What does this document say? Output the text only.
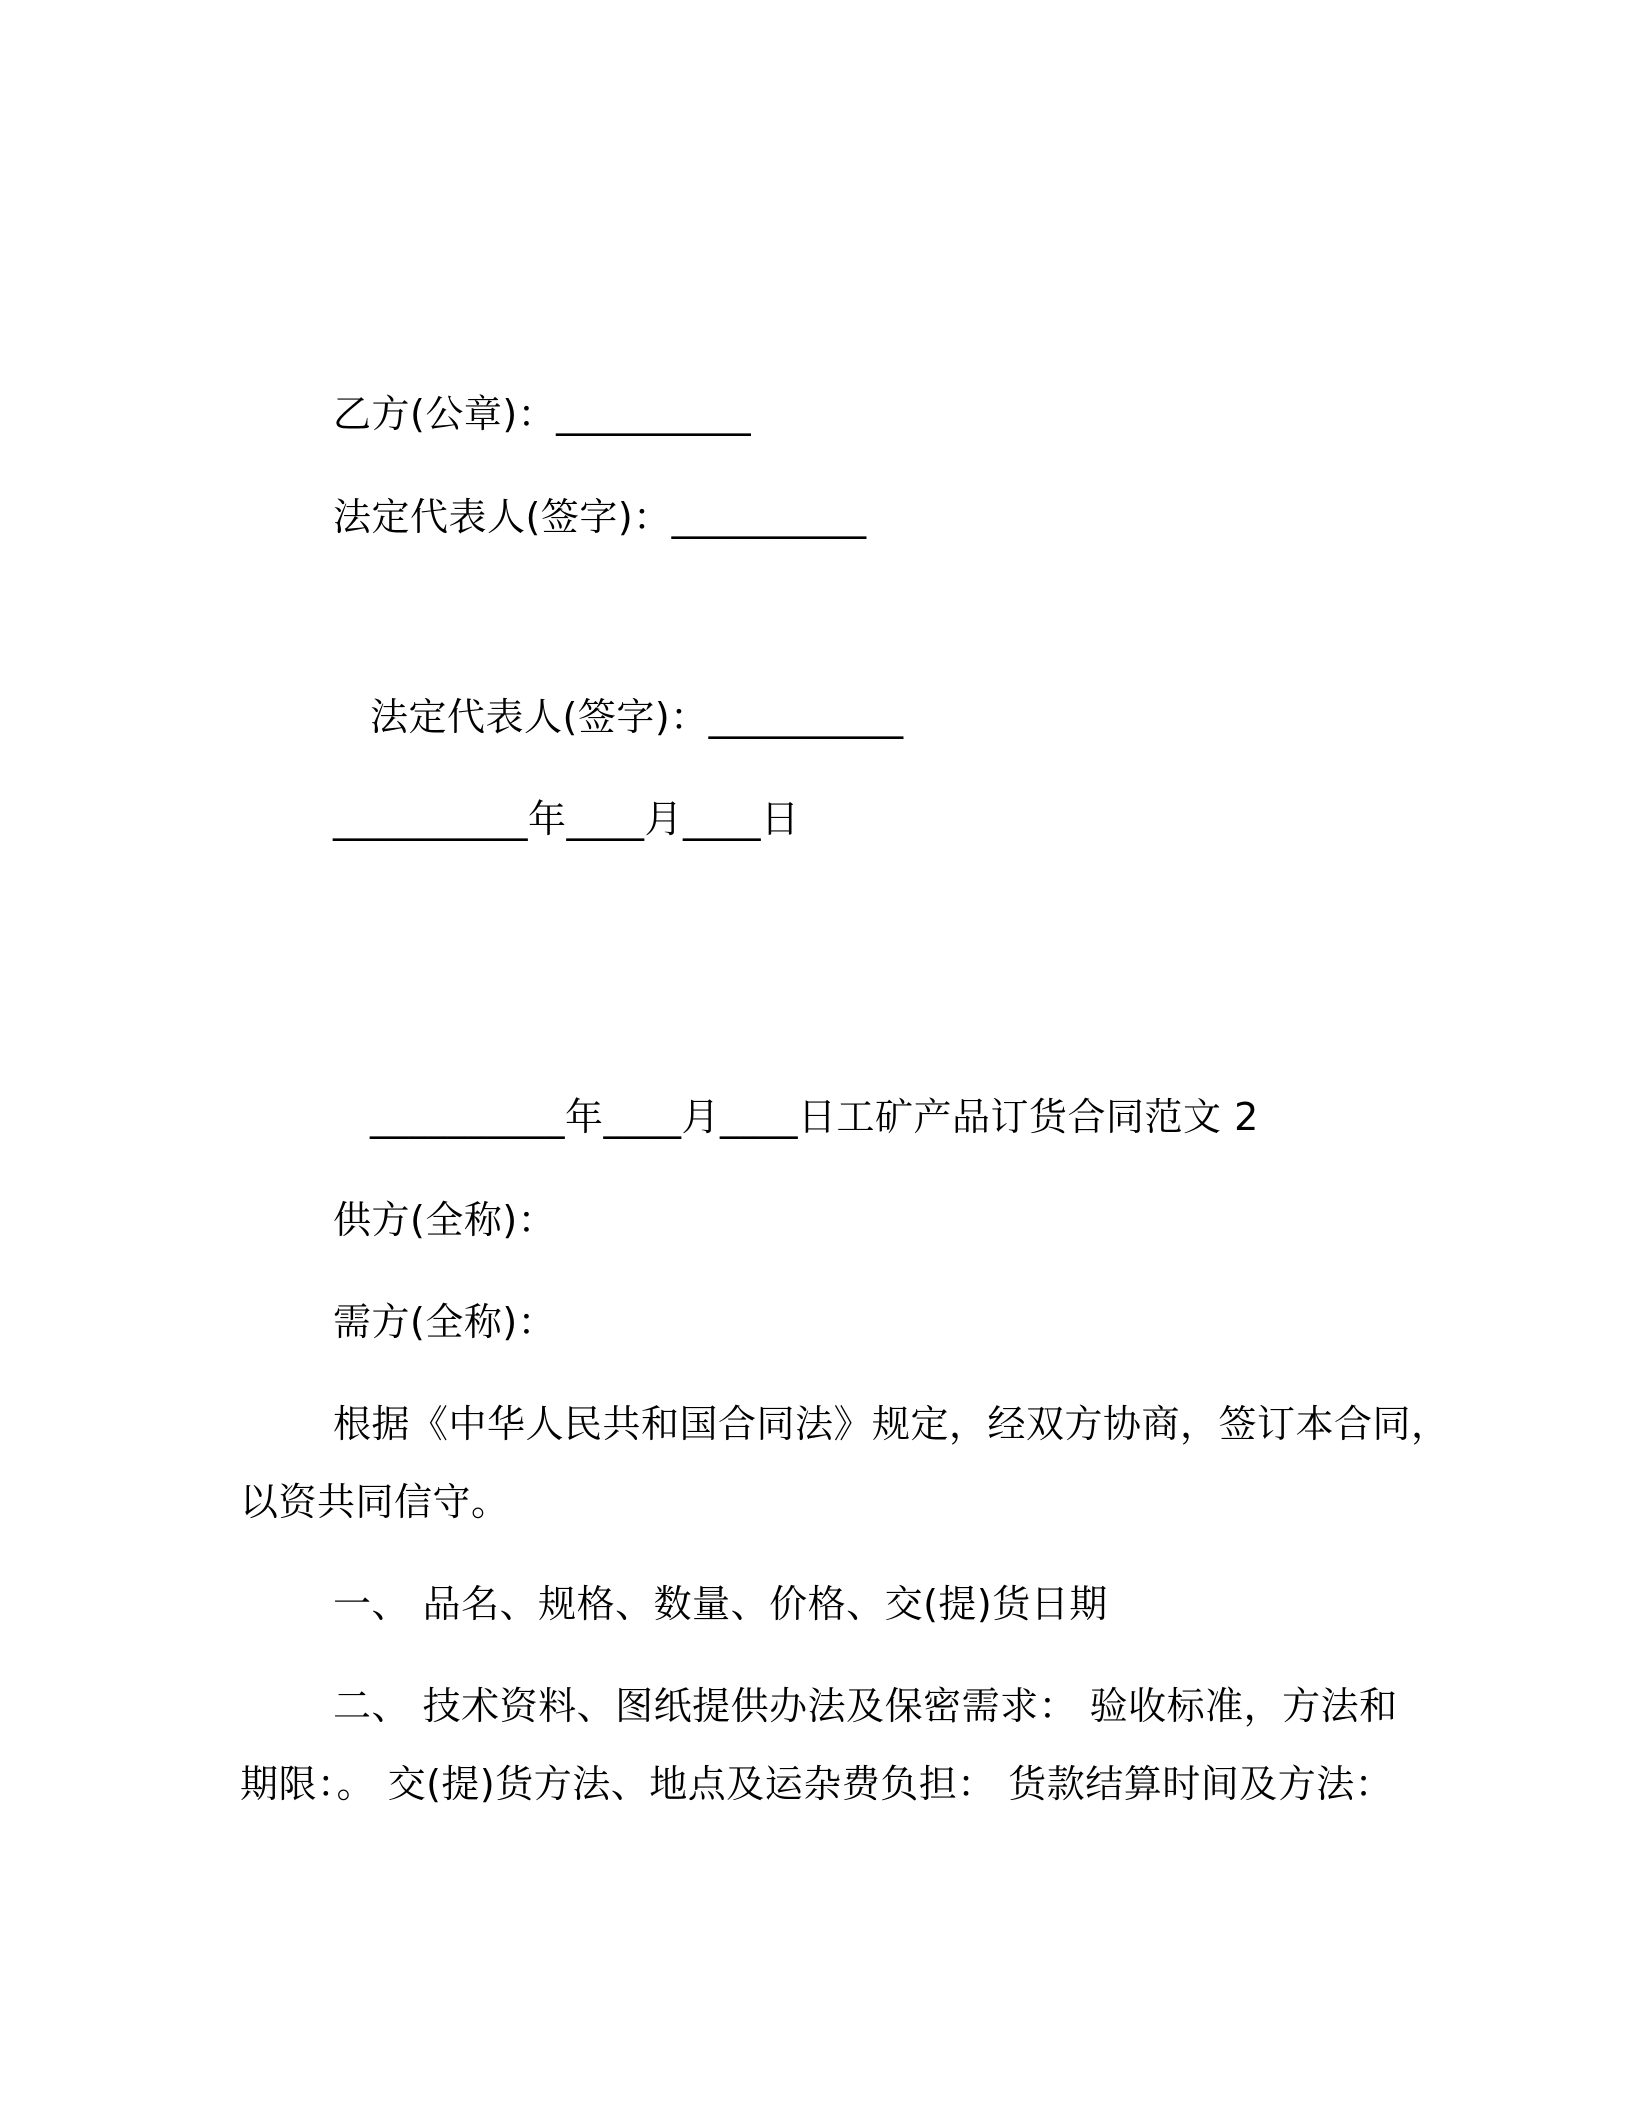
乙方(公章)：__________
法定代表人(签字)：__________
法定代表人(签字)：__________
__________年____月____日
__________年____月____日工矿产品订货合同范文 2
供方(全称)：
需方(全称)：
根据《中华人民共和国合同法》规定，经双方协商，签订本合同，
以资共同信守。
一、 品名、规格、数量、价格、交(提)货日期
二、 技术资料、图纸提供办法及保密需求： 验收标准，方法和
期限：。 交(提)货方法、地点及运杂费负担： 货款结算时间及方法：
